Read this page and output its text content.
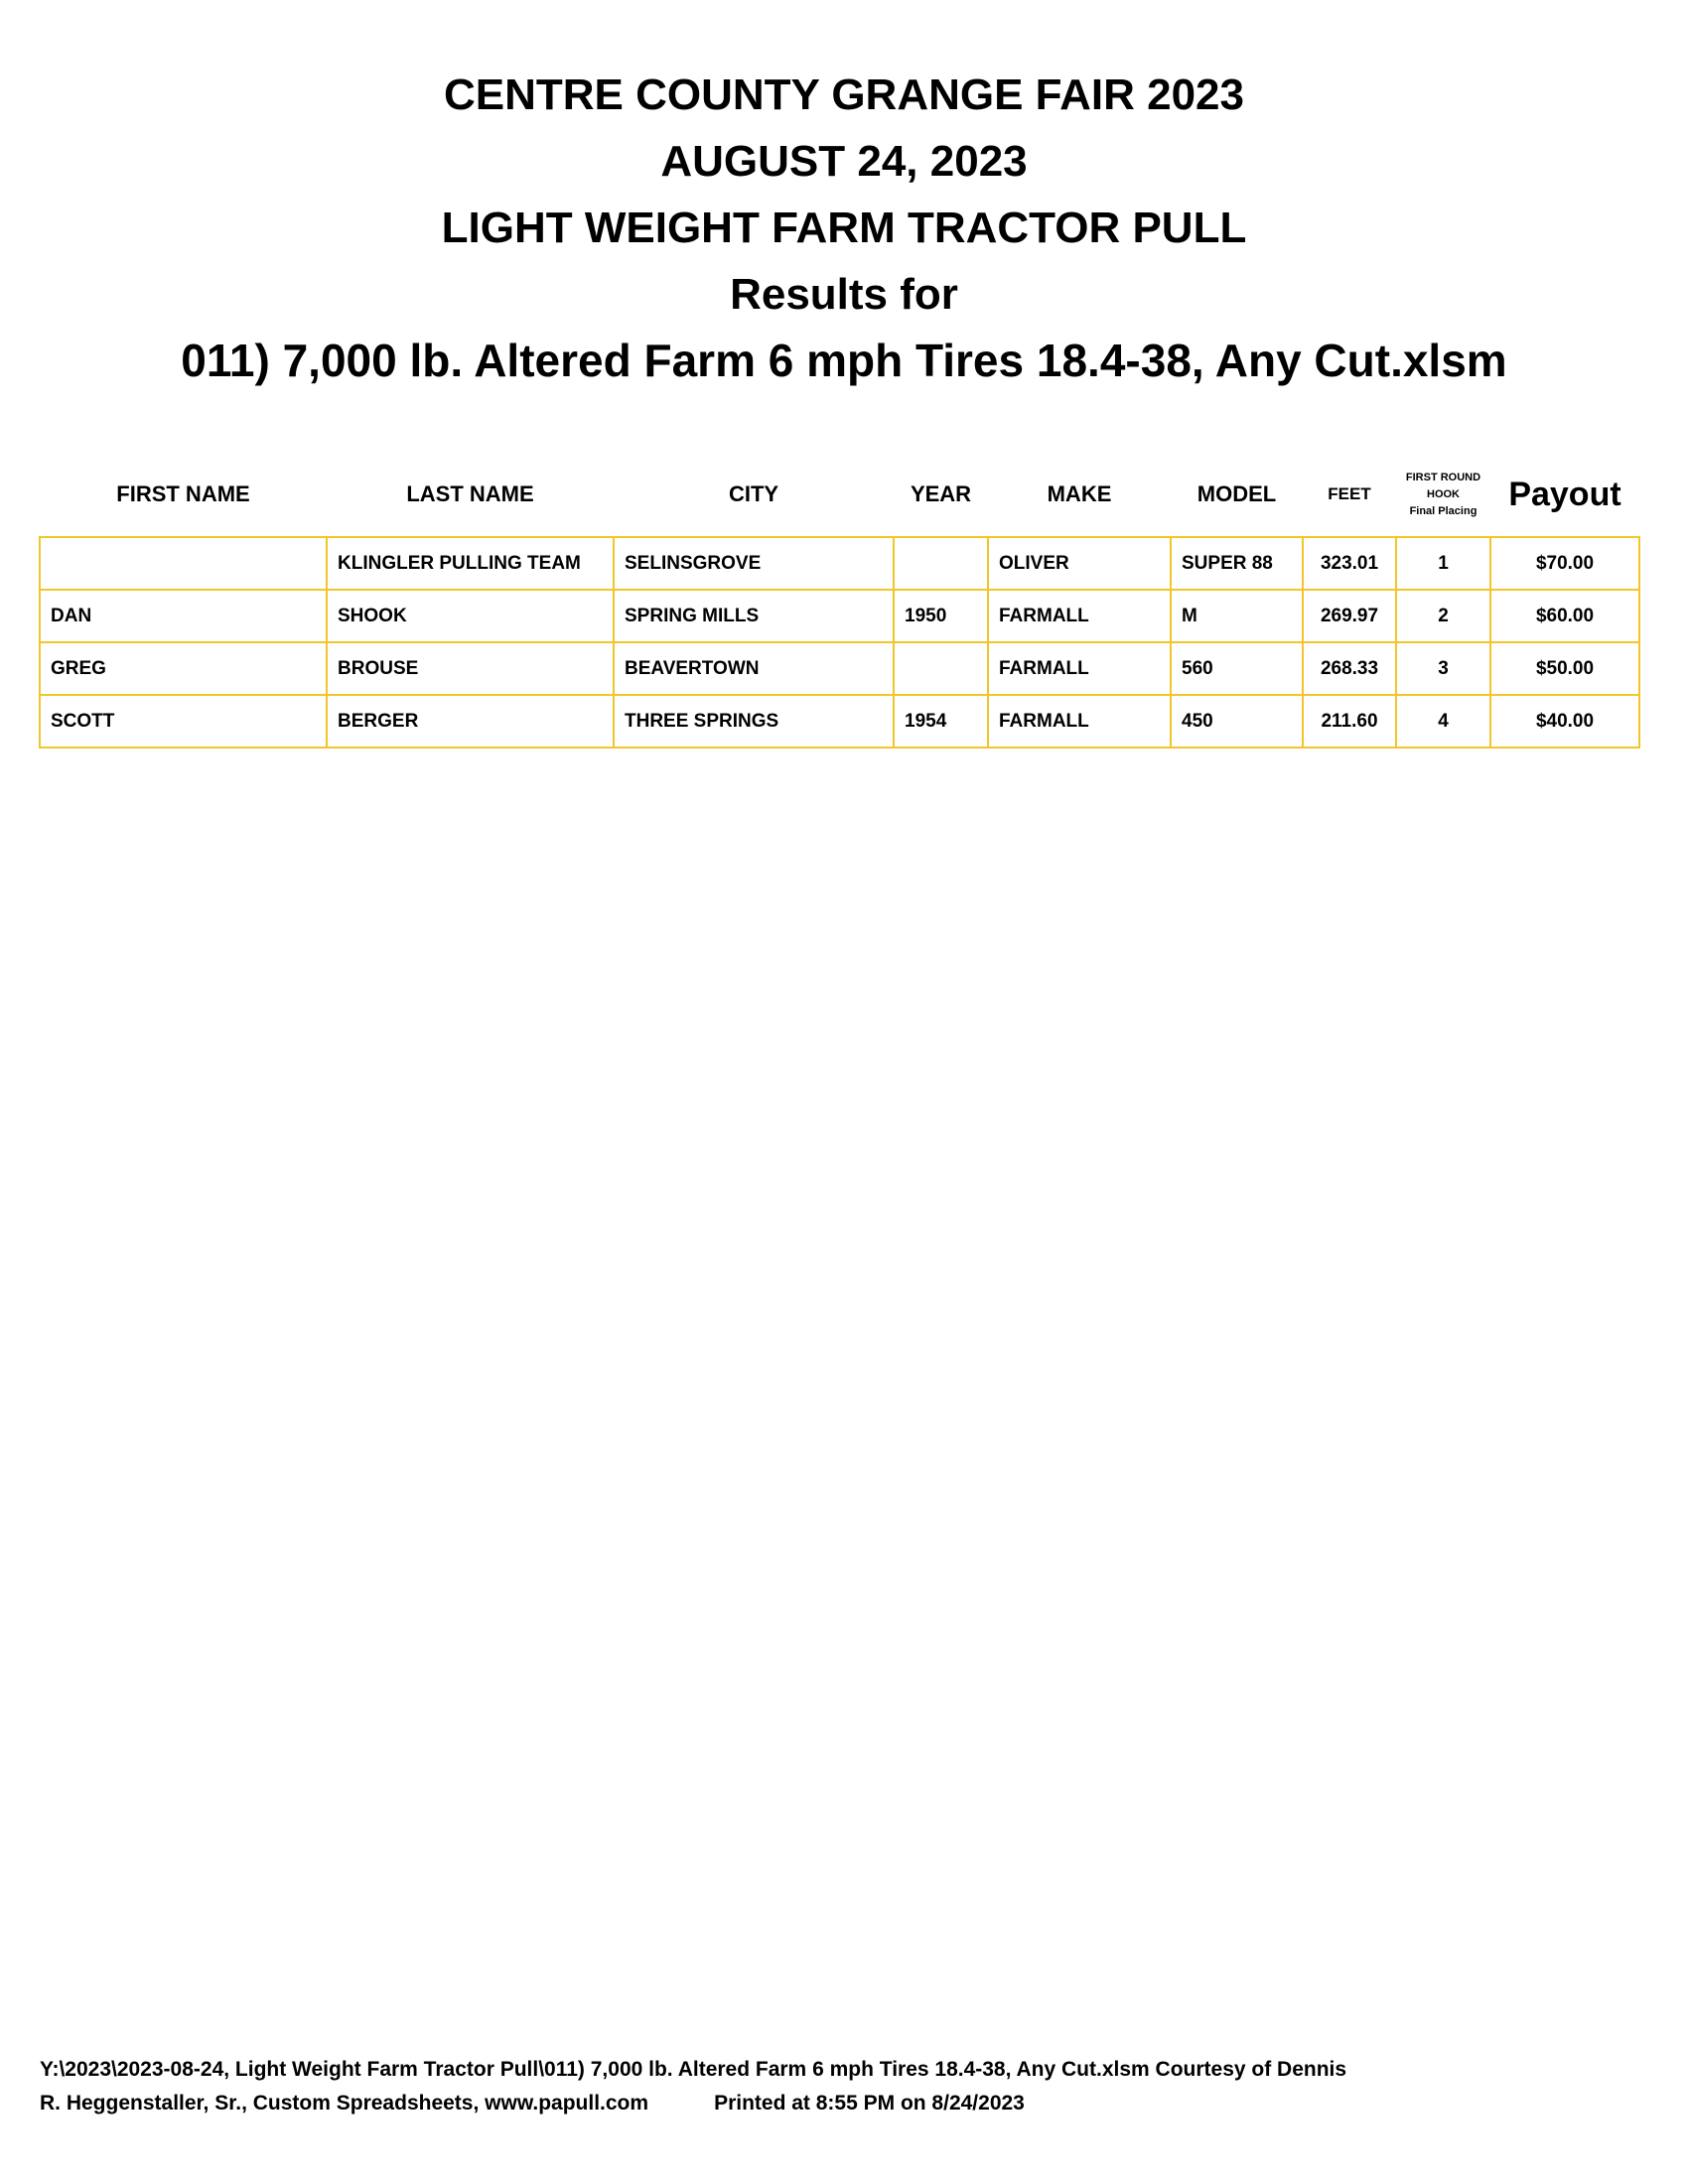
CENTRE COUNTY GRANGE FAIR 2023
AUGUST 24, 2023
LIGHT WEIGHT FARM TRACTOR PULL
Results for
011) 7,000 lb. Altered Farm 6 mph Tires 18.4-38, Any Cut.xlsm
FIRST NAME	LAST NAME	CITY	YEAR	MAKE	MODEL	FEET	FIRST ROUND
HOOK
Final Placing	Payout

	KLINGLER PULLING TEAM	SELINSGROVE		OLIVER	SUPER 88	323.01	1	$70.00
DAN	SHOOK	SPRING MILLS	1950	FARMALL	M	269.97	2	$60.00
GREG	BROUSE	BEAVERTOWN		FARMALL	560	268.33	3	$50.00
SCOTT	BERGER	THREE SPRINGS	1954	FARMALL	450	211.60	4	$40.00
Y:\2023\2023-08-24, Light Weight Farm Tractor Pull\011) 7,000 lb. Altered Farm 6 mph Tires 18.4-38, Any Cut.xlsm Courtesy of Dennis
R. Heggenstaller, Sr., Custom Spreadsheets, www.papull.com	Printed at 8:55 PM on 8/24/2023
